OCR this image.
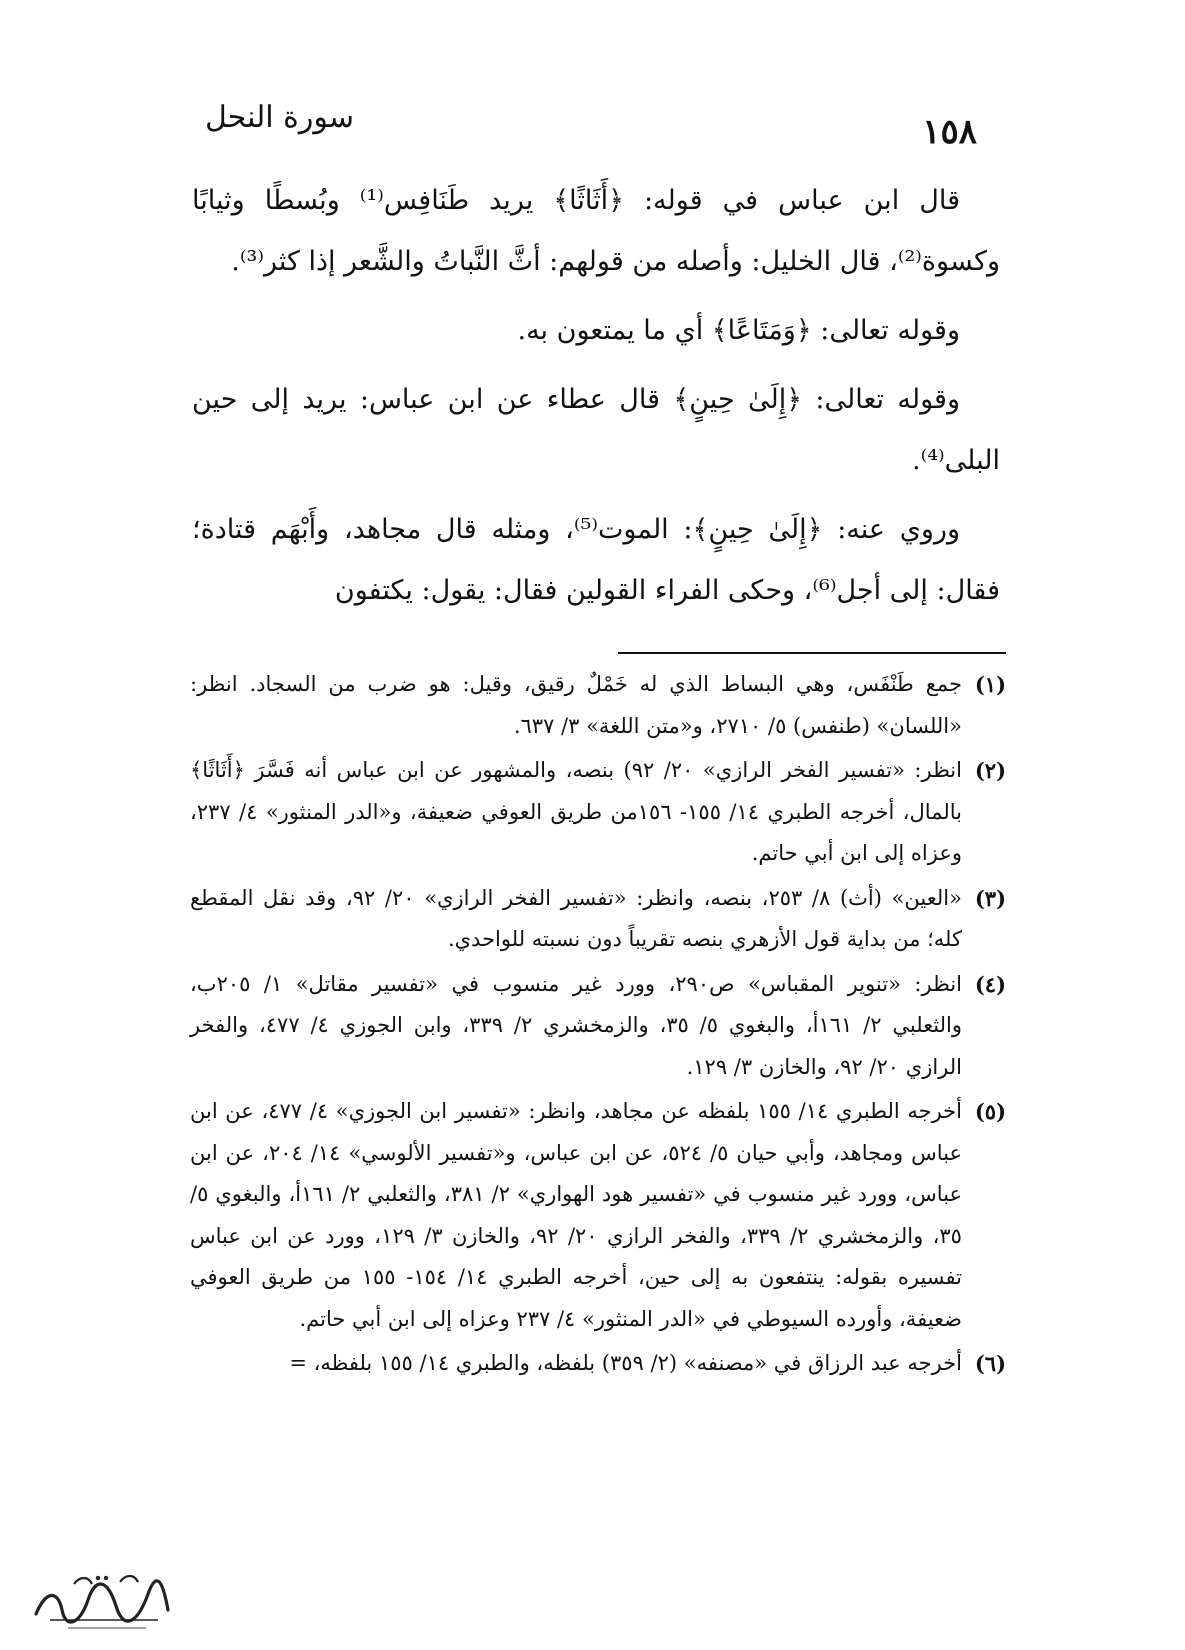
١٥٨
سورة النحل

قال ابن عباس في قوله: ﴿أَثَاثًا﴾ يريد طَنَافِس⁽¹⁾ وبُسطًا وثيابًا وكسوة⁽²⁾، قال الخليل: وأصله من قولهم: أثَّ النَّباتُ والشَّعر إذا كثر⁽³⁾.

وقوله تعالى: ﴿وَمَتَاعًا﴾ أي ما يمتعون به.

وقوله تعالى: ﴿إِلَىٰ حِينٍ﴾ قال عطاء عن ابن عباس: يريد إلى حين البلى⁽⁴⁾.

وروي عنه: ﴿إِلَىٰ حِينٍ﴾: الموت⁽⁵⁾، ومثله قال مجاهد، وأَبْهَم قتادة؛ فقال: إلى أجل⁽⁶⁾، وحكى الفراء القولين فقال: يقول: يكتفون

(١)
جمع طَنْفَس، وهي البساط الذي له خَمْلٌ رقيق، وقيل: هو ضرب من السجاد. انظر: «اللسان» (طنفس) ٥/ ٢٧١٠، و«متن اللغة» ٣/ ٦٣٧.
(٢)
انظر: «تفسير الفخر الرازي» ٢٠/ ٩٢) بنصه، والمشهور عن ابن عباس أنه فَسَّرَ ﴿أَثَاثًا﴾ بالمال، أخرجه الطبري ١٤/ ١٥٥- ١٥٦من طريق العوفي ضعيفة، و«الدر المنثور» ٤/ ٢٣٧، وعزاه إلى ابن أبي حاتم.
(٣)
«العين» (أث) ٨/ ٢٥٣، بنصه، وانظر: «تفسير الفخر الرازي» ٢٠/ ٩٢، وقد نقل المقطع كله؛ من بداية قول الأزهري بنصه تقريباً دون نسبته للواحدي.
(٤)
انظر: «تنوير المقباس» ص٢٩٠، وورد غير منسوب في «تفسير مقاتل» ١/ ٢٠٥ب، والثعلبي ٢/ ١٦١أ، والبغوي ٥/ ٣٥، والزمخشري ٢/ ٣٣٩، وابن الجوزي ٤/ ٤٧٧، والفخر الرازي ٢٠/ ٩٢، والخازن ٣/ ١٢٩.
(٥)
أخرجه الطبري ١٤/ ١٥٥ بلفظه عن مجاهد، وانظر: «تفسير ابن الجوزي» ٤/ ٤٧٧، عن ابن عباس ومجاهد، وأبي حيان ٥/ ٥٢٤، عن ابن عباس، و«تفسير الألوسي» ١٤/ ٢٠٤، عن ابن عباس، وورد غير منسوب في «تفسير هود الهواري» ٢/ ٣٨١، والثعلبي ٢/ ١٦١أ، والبغوي ٥/ ٣٥، والزمخشري ٢/ ٣٣٩، والفخر الرازي ٢٠/ ٩٢، والخازن ٣/ ١٢٩، وورد عن ابن عباس تفسيره بقوله: ينتفعون به إلى حين، أخرجه الطبري ١٤/ ١٥٤- ١٥٥ من طريق العوفي ضعيفة، وأورده السيوطي في «الدر المنثور» ٤/ ٢٣٧ وعزاه إلى ابن أبي حاتم.
(٦)
أخرجه عبد الرزاق في «مصنفه» (٢/ ٣٥٩) بلفظه، والطبري ١٤/ ١٥٥ بلفظه، =
